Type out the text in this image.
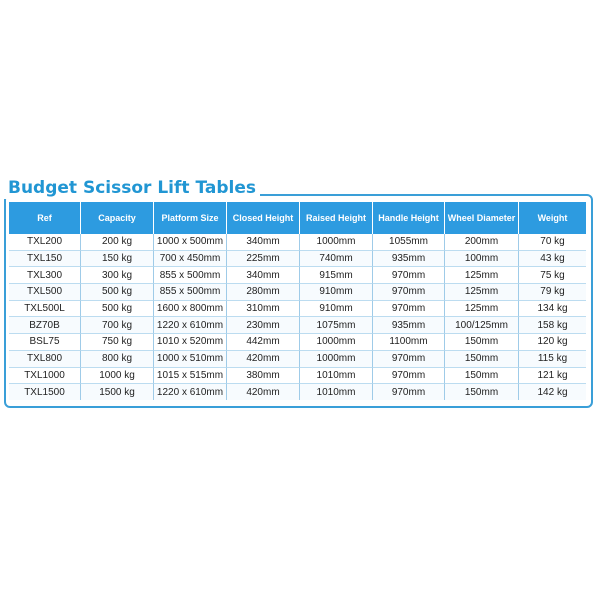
Budget Scissor Lift Tables
Ref	Capacity	Platform Size	Closed Height	Raised Height	Handle Height	Wheel Diameter	Weight
TXL200	200 kg	1000 x 500mm	340mm	1000mm	1055mm	200mm	70 kg
TXL150	150 kg	700 x 450mm	225mm	740mm	935mm	100mm	43 kg
TXL300	300 kg	855 x 500mm	340mm	915mm	970mm	125mm	75 kg
TXL500	500 kg	855 x 500mm	280mm	910mm	970mm	125mm	79 kg
TXL500L	500 kg	1600 x 800mm	310mm	910mm	970mm	125mm	134 kg
BZ70B	700 kg	1220 x 610mm	230mm	1075mm	935mm	100/125mm	158 kg
BSL75	750 kg	1010 x 520mm	442mm	1000mm	1100mm	150mm	120 kg
TXL800	800 kg	1000 x 510mm	420mm	1000mm	970mm	150mm	115 kg
TXL1000	1000 kg	1015 x 515mm	380mm	1010mm	970mm	150mm	121 kg
TXL1500	1500 kg	1220 x 610mm	420mm	1010mm	970mm	150mm	142 kg
